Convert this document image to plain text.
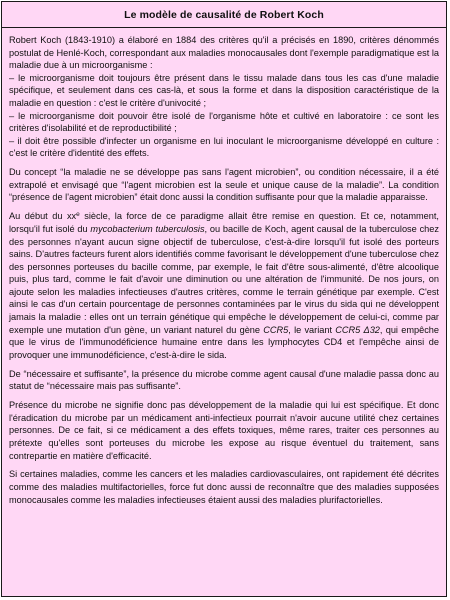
Le modèle de causalité de Robert Koch

Robert Koch (1843-1910) a élaboré en 1884 des critères qu'il a précisés en 1890, critères dénommés postulat de Henlé-Koch, correspondant aux maladies monocausales dont l'exemple paradigmatique est la maladie due à un microorganisme :

– le microorganisme doit toujours être présent dans le tissu malade dans tous les cas d'une maladie spécifique, et seulement dans ces cas-là, et sous la forme et dans la disposition caractéristique de la maladie en question : c'est le critère d'univocité ;

– le microorganisme doit pouvoir être isolé de l'organisme hôte et cultivé en laboratoire : ce sont les critères d'isolabilité et de reproductibilité ;

– il doit être possible d'infecter un organisme en lui inoculant le microorganisme développé en culture : c'est le critère d'identité des effets.

Du concept “la maladie ne se développe pas sans l'agent microbien”, ou condition nécessaire, il a été extrapolé et envisagé que “l'agent microbien est la seule et unique cause de la maladie”. La condition “présence de l'agent microbien” était donc aussi la condition suffisante pour que la maladie apparaisse.

Au début du $xx^e$ siècle, la force de ce paradigme allait être remise en question. Et ce, notamment, lorsqu'il fut isolé du mycobacterium tuberculosis, ou bacille de Koch, agent causal de la tuberculose chez des personnes n'ayant aucun signe objectif de tuberculose, c'est-à-dire lorsqu'il fut isolé des porteurs sains. D'autres facteurs furent alors identifiés comme favorisant le développement d'une tuberculose chez des personnes porteuses du bacille comme, par exemple, le fait d'être sous-alimenté, d'être alcoolique puis, plus tard, comme le fait d'avoir une diminution ou une altération de l'immunité. De nos jours, on ajoute selon les maladies infectieuses d'autres critères, comme le terrain génétique par exemple. C'est ainsi le cas d'un certain pourcentage de personnes contaminées par le virus du sida qui ne développent jamais la maladie : elles ont un terrain génétique qui empêche le développement de celui-ci, comme par exemple une mutation d'un gène, un variant naturel du gène CCR5, le variant CCR5 Δ32, qui empêche que le virus de l'immunodéficience humaine entre dans les lymphocytes CD4 et l'empêche ainsi de provoquer une immunodéficience, c'est-à-dire le sida.

De “nécessaire et suffisante”, la présence du microbe comme agent causal d'une maladie passa donc au statut de “nécessaire mais pas suffisante”.

Présence du microbe ne signifie donc pas développement de la maladie qui lui est spécifique. Et donc l'éradication du microbe par un médicament anti-infectieux pourrait n'avoir aucune utilité chez certaines personnes. De ce fait, si ce médicament a des effets toxiques, même rares, traiter ces personnes au prétexte qu'elles sont porteuses du microbe les expose au risque éventuel du traitement, sans contrepartie en matière d'efficacité.

Si certaines maladies, comme les cancers et les maladies cardiovasculaires, ont rapidement été décrites comme des maladies multifactorielles, force fut donc aussi de reconnaître que des maladies supposées monocausales comme les maladies infectieuses étaient aussi des maladies plurifactorielles.
